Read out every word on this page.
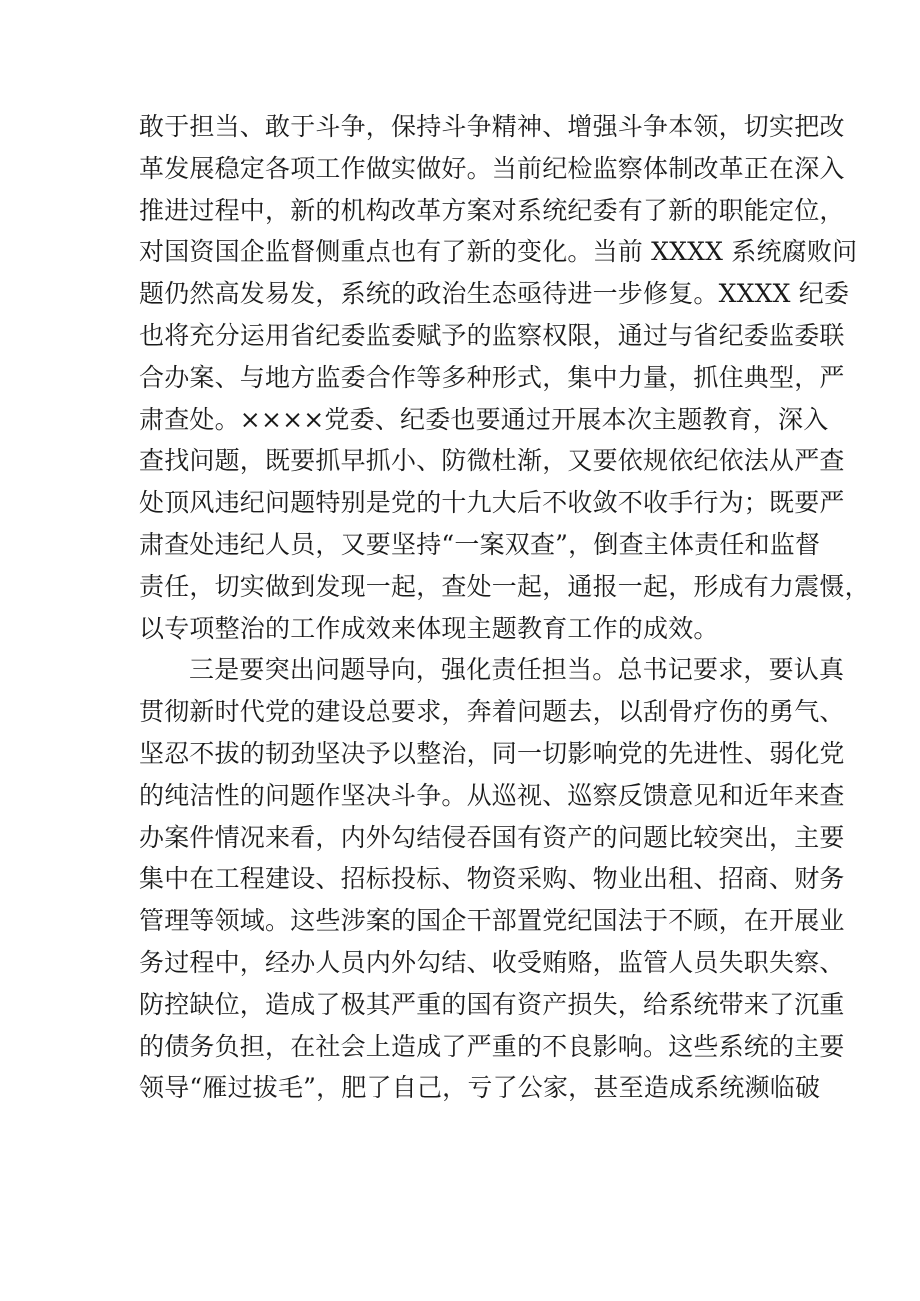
敢于担当、敢于斗争，保持斗争精神、增强斗争本领，切实把改
革发展稳定各项工作做实做好。当前纪检监察体制改革正在深入
推进过程中，新的机构改革方案对系统纪委有了新的职能定位，
对国资国企监督侧重点也有了新的变化。当前 XXXX 系统腐败问
题仍然高发易发，系统的政治生态亟待进一步修复。XXXX 纪委
也将充分运用省纪委监委赋予的监察权限，通过与省纪委监委联
合办案、与地方监委合作等多种形式，集中力量，抓住典型，严
肃查处。××××党委、纪委也要通过开展本次主题教育，深入
查找问题，既要抓早抓小、防微杜渐，又要依规依纪依法从严查
处顶风违纪问题特别是党的十九大后不收敛不收手行为；既要严
肃查处违纪人员，又要坚持“一案双查”，倒查主体责任和监督
责任，切实做到发现一起，查处一起，通报一起，形成有力震慑，
以专项整治的工作成效来体现主题教育工作的成效。
三是要突出问题导向，强化责任担当。总书记要求，要认真
贯彻新时代党的建设总要求，奔着问题去，以刮骨疗伤的勇气、
坚忍不拔的韧劲坚决予以整治，同一切影响党的先进性、弱化党
的纯洁性的问题作坚决斗争。从巡视、巡察反馈意见和近年来查
办案件情况来看，内外勾结侵吞国有资产的问题比较突出，主要
集中在工程建设、招标投标、物资采购、物业出租、招商、财务
管理等领域。这些涉案的国企干部置党纪国法于不顾，在开展业
务过程中，经办人员内外勾结、收受贿赂，监管人员失职失察、
防控缺位，造成了极其严重的国有资产损失，给系统带来了沉重
的债务负担，在社会上造成了严重的不良影响。这些系统的主要
领导“雁过拔毛”，肥了自己，亏了公家，甚至造成系统濒临破
